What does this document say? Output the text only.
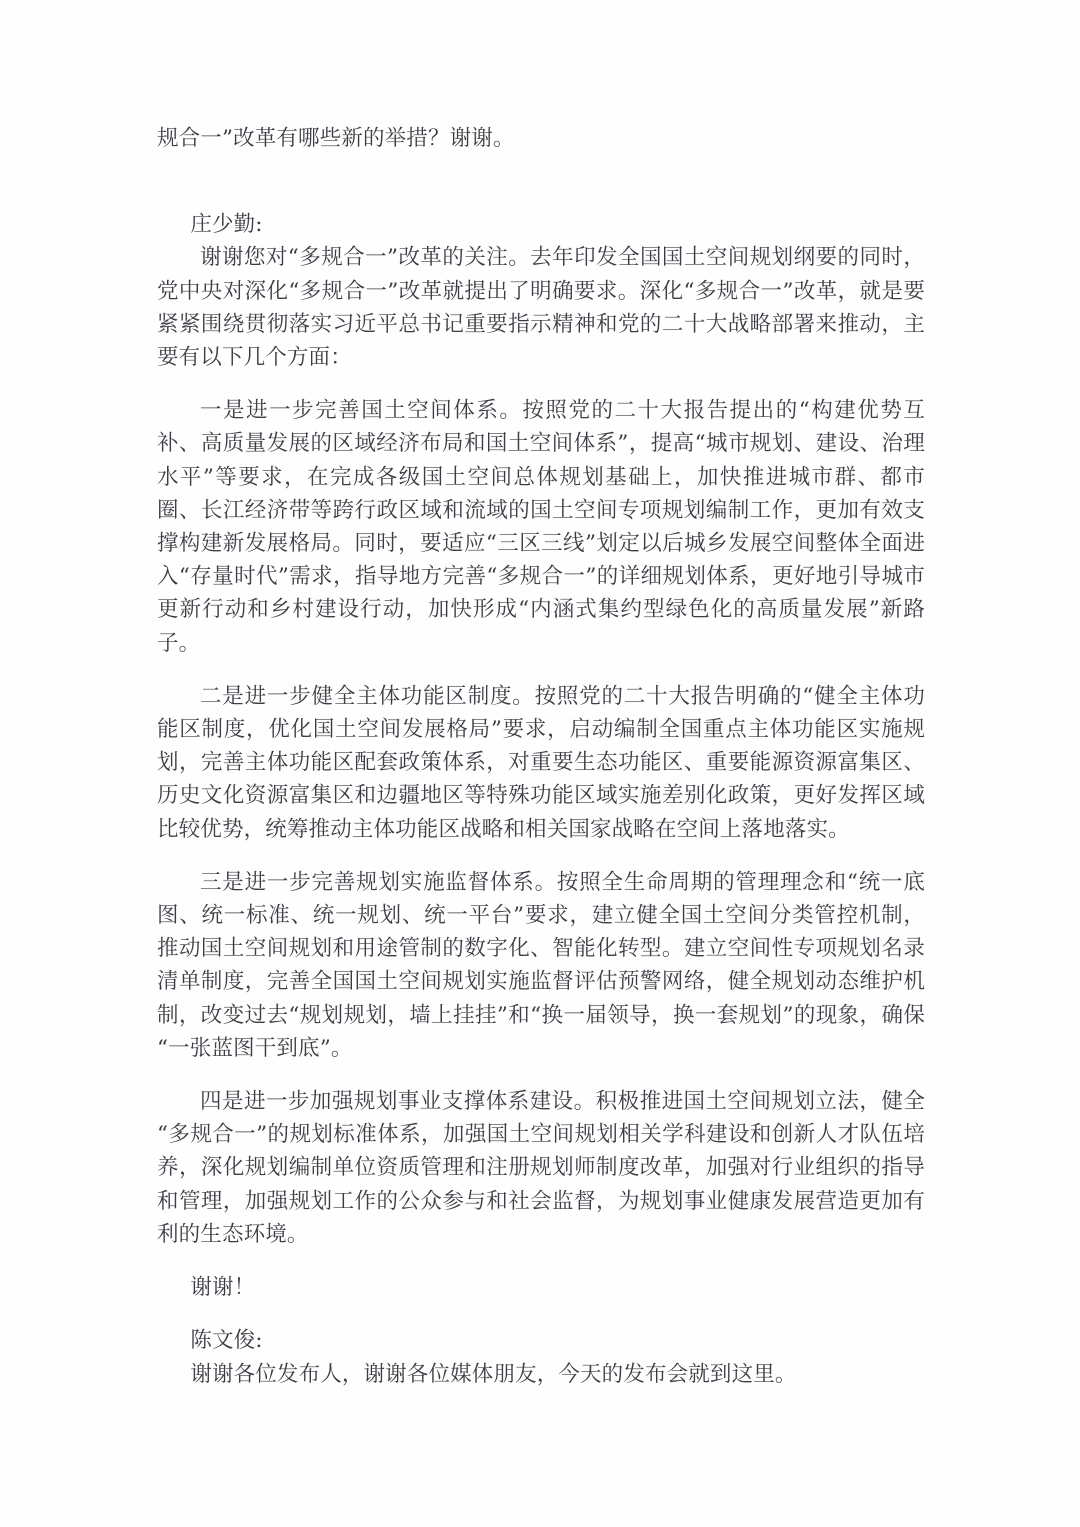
规合一”改革有哪些新的举措？谢谢。

庄少勤:

谢谢您对“多规合一”改革的关注。去年印发全国国土空间规划纲要的同时，党中央对深化“多规合一”改革就提出了明确要求。深化“多规合一”改革，就是要紧紧围绕贯彻落实习近平总书记重要指示精神和党的二十大战略部署来推动，主要有以下几个方面：

一是进一步完善国土空间体系。按照党的二十大报告提出的“构建优势互补、高质量发展的区域经济布局和国土空间体系”，提高“城市规划、建设、治理水平”等要求，在完成各级国土空间总体规划基础上，加快推进城市群、都市圈、长江经济带等跨行政区域和流域的国土空间专项规划编制工作，更加有效支撑构建新发展格局。同时，要适应“三区三线”划定以后城乡发展空间整体全面进入“存量时代”需求，指导地方完善“多规合一”的详细规划体系，更好地引导城市更新行动和乡村建设行动，加快形成“内涵式集约型绿色化的高质量发展”新路子。

二是进一步健全主体功能区制度。按照党的二十大报告明确的“健全主体功能区制度，优化国土空间发展格局”要求，启动编制全国重点主体功能区实施规划，完善主体功能区配套政策体系，对重要生态功能区、重要能源资源富集区、历史文化资源富集区和边疆地区等特殊功能区域实施差别化政策，更好发挥区域比较优势，统筹推动主体功能区战略和相关国家战略在空间上落地落实。

三是进一步完善规划实施监督体系。按照全生命周期的管理理念和“统一底图、统一标准、统一规划、统一平台”要求，建立健全国土空间分类管控机制，推动国土空间规划和用途管制的数字化、智能化转型。建立空间性专项规划名录清单制度，完善全国国土空间规划实施监督评估预警网络，健全规划动态维护机制，改变过去“规划规划，墙上挂挂”和“换一届领导，换一套规划”的现象，确保“一张蓝图干到底”。

四是进一步加强规划事业支撑体系建设。积极推进国土空间规划立法，健全“多规合一”的规划标准体系，加强国土空间规划相关学科建设和创新人才队伍培养，深化规划编制单位资质管理和注册规划师制度改革，加强对行业组织的指导和管理，加强规划工作的公众参与和社会监督，为规划事业健康发展营造更加有利的生态环境。

谢谢！

陈文俊:

谢谢各位发布人，谢谢各位媒体朋友，今天的发布会就到这里。
